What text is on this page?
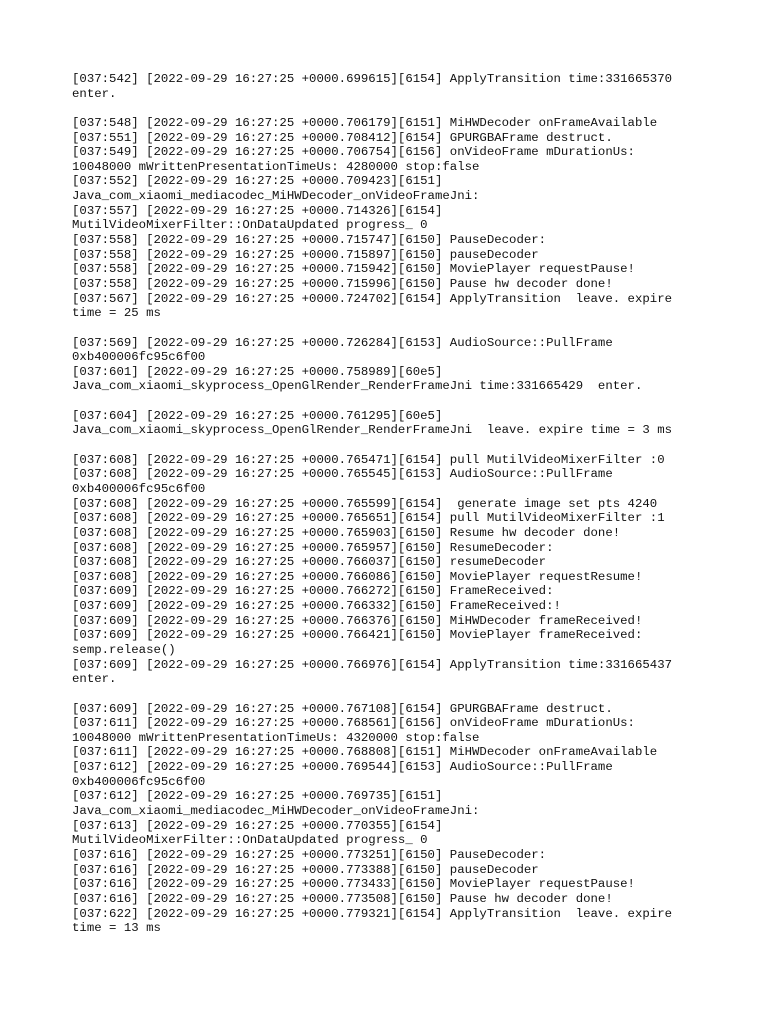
[037:542] [2022-09-29 16:27:25 +0000.699615][6154] ApplyTransition time:331665370
enter.
[037:548] [2022-09-29 16:27:25 +0000.706179][6151] MiHWDecoder onFrameAvailable
[037:551] [2022-09-29 16:27:25 +0000.708412][6154] GPURGBAFrame destruct.
[037:549] [2022-09-29 16:27:25 +0000.706754][6156] onVideoFrame mDurationUs:
10048000 mWrittenPresentationTimeUs: 4280000 stop:false
[037:552] [2022-09-29 16:27:25 +0000.709423][6151]
Java_com_xiaomi_mediacodec_MiHWDecoder_onVideoFrameJni:
[037:557] [2022-09-29 16:27:25 +0000.714326][6154]
MutilVideoMixerFilter::OnDataUpdated progress_ 0
[037:558] [2022-09-29 16:27:25 +0000.715747][6150] PauseDecoder:
[037:558] [2022-09-29 16:27:25 +0000.715897][6150] pauseDecoder
[037:558] [2022-09-29 16:27:25 +0000.715942][6150] MoviePlayer requestPause!
[037:558] [2022-09-29 16:27:25 +0000.715996][6150] Pause hw decoder done!
[037:567] [2022-09-29 16:27:25 +0000.724702][6154] ApplyTransition  leave. expire
time = 25 ms
[037:569] [2022-09-29 16:27:25 +0000.726284][6153] AudioSource::PullFrame
0xb400006fc95c6f00
[037:601] [2022-09-29 16:27:25 +0000.758989][60e5]
Java_com_xiaomi_skyprocess_OpenGlRender_RenderFrameJni time:331665429  enter.
[037:604] [2022-09-29 16:27:25 +0000.761295][60e5]
Java_com_xiaomi_skyprocess_OpenGlRender_RenderFrameJni  leave. expire time = 3 ms
[037:608] [2022-09-29 16:27:25 +0000.765471][6154] pull MutilVideoMixerFilter :0
[037:608] [2022-09-29 16:27:25 +0000.765545][6153] AudioSource::PullFrame
0xb400006fc95c6f00
[037:608] [2022-09-29 16:27:25 +0000.765599][6154]  generate image set pts 4240
[037:608] [2022-09-29 16:27:25 +0000.765651][6154] pull MutilVideoMixerFilter :1
[037:608] [2022-09-29 16:27:25 +0000.765903][6150] Resume hw decoder done!
[037:608] [2022-09-29 16:27:25 +0000.765957][6150] ResumeDecoder:
[037:608] [2022-09-29 16:27:25 +0000.766037][6150] resumeDecoder
[037:608] [2022-09-29 16:27:25 +0000.766086][6150] MoviePlayer requestResume!
[037:609] [2022-09-29 16:27:25 +0000.766272][6150] FrameReceived:
[037:609] [2022-09-29 16:27:25 +0000.766332][6150] FrameReceived:!
[037:609] [2022-09-29 16:27:25 +0000.766376][6150] MiHWDecoder frameReceived!
[037:609] [2022-09-29 16:27:25 +0000.766421][6150] MoviePlayer frameReceived:
semp.release()
[037:609] [2022-09-29 16:27:25 +0000.766976][6154] ApplyTransition time:331665437
enter.
[037:609] [2022-09-29 16:27:25 +0000.767108][6154] GPURGBAFrame destruct.
[037:611] [2022-09-29 16:27:25 +0000.768561][6156] onVideoFrame mDurationUs:
10048000 mWrittenPresentationTimeUs: 4320000 stop:false
[037:611] [2022-09-29 16:27:25 +0000.768808][6151] MiHWDecoder onFrameAvailable
[037:612] [2022-09-29 16:27:25 +0000.769544][6153] AudioSource::PullFrame
0xb400006fc95c6f00
[037:612] [2022-09-29 16:27:25 +0000.769735][6151]
Java_com_xiaomi_mediacodec_MiHWDecoder_onVideoFrameJni:
[037:613] [2022-09-29 16:27:25 +0000.770355][6154]
MutilVideoMixerFilter::OnDataUpdated progress_ 0
[037:616] [2022-09-29 16:27:25 +0000.773251][6150] PauseDecoder:
[037:616] [2022-09-29 16:27:25 +0000.773388][6150] pauseDecoder
[037:616] [2022-09-29 16:27:25 +0000.773433][6150] MoviePlayer requestPause!
[037:616] [2022-09-29 16:27:25 +0000.773508][6150] Pause hw decoder done!
[037:622] [2022-09-29 16:27:25 +0000.779321][6154] ApplyTransition  leave. expire
time = 13 ms
